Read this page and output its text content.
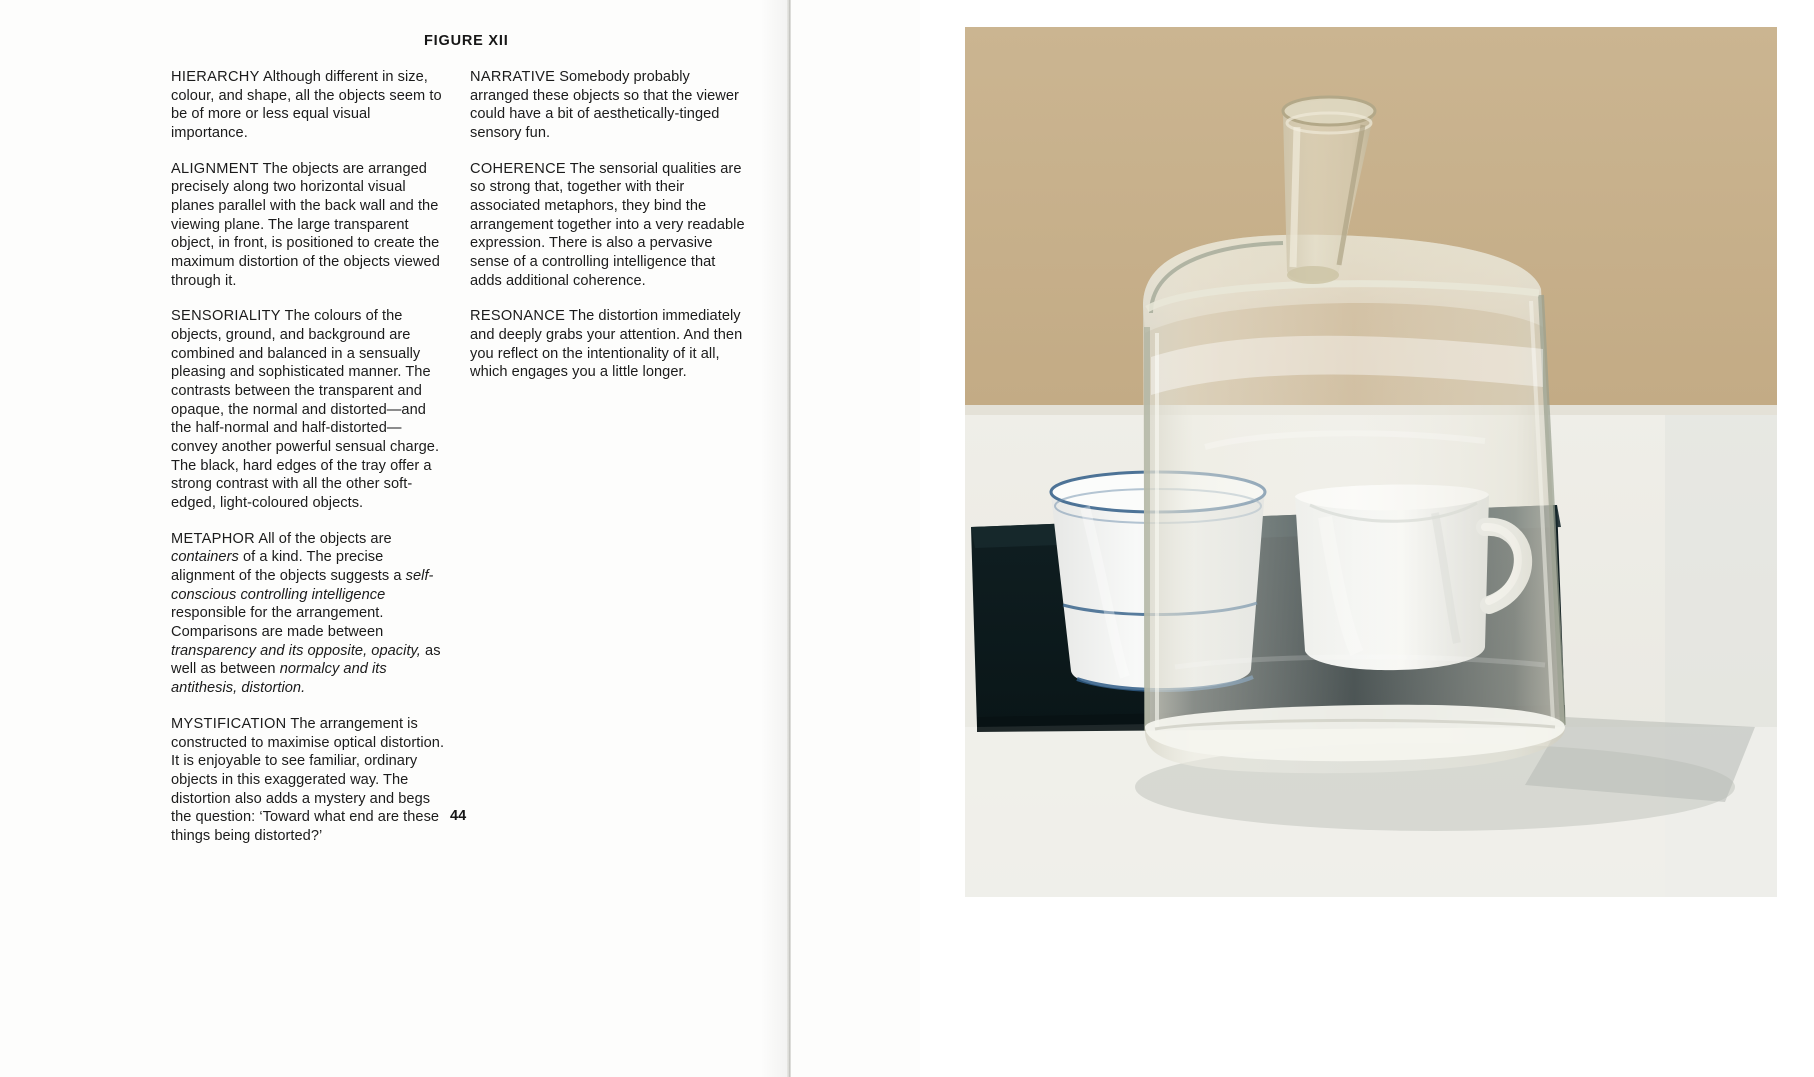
FIGURE XII

HIERARCHY Although different in size, colour, and shape, all the objects seem to be of more or less equal visual importance.

ALIGNMENT The objects are arranged precisely along two horizontal visual planes parallel with the back wall and the viewing plane. The large transparent object, in front, is positioned to create the maximum distortion of the objects viewed through it.

SENSORIALITY The colours of the objects, ground, and background are combined and balanced in a sensually pleasing and sophisticated manner. The contrasts between the transparent and opaque, the normal and distorted—and the half-normal and half-distorted—convey another powerful sensual charge. The black, hard edges of the tray offer a strong contrast with all the other soft-edged, light-coloured objects.

METAPHOR All of the objects are containers of a kind. The precise alignment of the objects suggests a self-conscious controlling intelligence responsible for the arrangement. Comparisons are made between transparency and its opposite, opacity, as well as between normalcy and its antithesis, distortion.

MYSTIFICATION The arrangement is constructed to maximise optical distortion. It is enjoyable to see familiar, ordinary objects in this exaggerated way. The distortion also adds a mystery and begs the question: ‘Toward what end are these things being distorted?’

NARRATIVE Somebody probably arranged these objects so that the viewer could have a bit of aesthetically-tinged sensory fun.

COHERENCE The sensorial qualities are so strong that, together with their associated metaphors, they bind the arrangement together into a very readable expression. There is also a pervasive sense of a controlling intelligence that adds additional coherence.

RESONANCE The distortion immediately and deeply grabs your attention. And then you reflect on the intentionality of it all, which engages you a little longer.

44
